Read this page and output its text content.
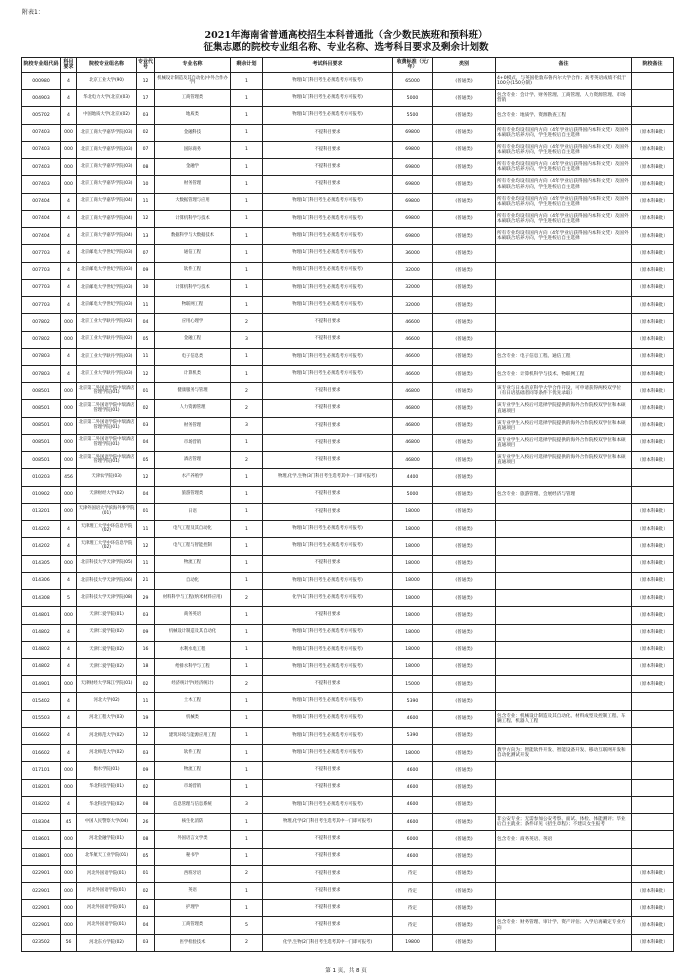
附表1：
2021年海南省普通高校招生本科普通批（含少数民族班和预科班）
征集志愿的院校专业组名称、专业名称、选考科目要求及剩余计划数
院校专业组代码	科目要求	院校专业组名称	专业代号	专业名称	剩余计划	考试科目要求	收费标准（元/年）	类别	备注	院校备注
000980	4	北京工业大学(90)	12	机械设计制造及其自动化(中外合作办学)	1	物理(1门科目考生必须选考方可报考)	65000	(普通类)	4+0模式，与英国伦敦布鲁内尔大学合作；高考英语成绩不低于100分(150分制)	
004903	4	华北电力大学(北京)(03)	17	工商管理类	1	物理(1门科目考生必须选考方可报考)	5000	(普通类)	包含专业：会计学、财务管理、工商管理、人力资源管理、市场营销	
005702	4	中国地质大学(北京)(02)	03	地质类	1	物理(1门科目考生必须选考方可报考)	5500	(普通类)	包含专业：地质学、资源勘查工程	
007403	000	北京工商大学嘉华学院(03)	02	金融科技	1	不提科目要求	69800	(普通类)	所有专业均设有国内方向（4年学业后获得国内本科文凭）及国外本硕联合培养方向，学生进校后自主选择	（原本科B批）
007403	000	北京工商大学嘉华学院(03)	07	国际商务	1	不提科目要求	69800	(普通类)	所有专业均设有国内方向（4年学业后获得国内本科文凭）及国外本硕联合培养方向，学生进校后自主选择	（原本科B批）
007403	000	北京工商大学嘉华学院(03)	08	金融学	1	不提科目要求	69800	(普通类)	所有专业均设有国内方向（4年学业后获得国内本科文凭）及国外本硕联合培养方向，学生进校后自主选择	（原本科B批）
007403	000	北京工商大学嘉华学院(03)	10	财务管理	1	不提科目要求	69800	(普通类)	所有专业均设有国内方向（4年学业后获得国内本科文凭）及国外本硕联合培养方向，学生进校后自主选择	（原本科B批）
007404	4	北京工商大学嘉华学院(04)	11	大数据管理与应用	1	物理(1门科目考生必须选考方可报考)	69800	(普通类)	所有专业均设有国内方向（4年学业后获得国内本科文凭）及国外本硕联合培养方向，学生进校后自主选择	（原本科B批）
007404	4	北京工商大学嘉华学院(04)	12	计算机科学与技术	1	物理(1门科目考生必须选考方可报考)	69800	(普通类)	所有专业均设有国内方向（4年学业后获得国内本科文凭）及国外本硕联合培养方向，学生进校后自主选择	（原本科B批）
007404	4	北京工商大学嘉华学院(04)	13	数据科学与大数据技术	1	物理(1门科目考生必须选考方可报考)	69800	(普通类)	所有专业均设有国内方向（4年学业后获得国内本科文凭）及国外本硕联合培养方向，学生进校后自主选择	（原本科B批）
007703	4	北京邮电大学世纪学院(03)	07	通信工程	1	物理(1门科目考生必须选考方可报考)	36000	(普通类)		（原本科B批）
007703	4	北京邮电大学世纪学院(03)	09	软件工程	1	物理(1门科目考生必须选考方可报考)	32000	(普通类)		（原本科B批）
007703	4	北京邮电大学世纪学院(03)	10	计算机科学与技术	1	物理(1门科目考生必须选考方可报考)	32000	(普通类)		（原本科B批）
007703	4	北京邮电大学世纪学院(03)	11	物联网工程	1	物理(1门科目考生必须选考方可报考)	32000	(普通类)		（原本科B批）
007802	000	北京工业大学耿丹学院(02)	04	应用心理学	2	不提科目要求	46600	(普通类)		（原本科B批）
007802	000	北京工业大学耿丹学院(02)	05	金融工程	3	不提科目要求	46600	(普通类)		（原本科B批）
007803	4	北京工业大学耿丹学院(03)	11	电子信息类	1	物理(1门科目考生必须选考方可报考)	46600	(普通类)	包含专业：电子信息工程、通信工程	（原本科B批）
007803	4	北京工业大学耿丹学院(03)	12	计算机类	1	物理(1门科目考生必须选考方可报考)	46600	(普通类)	包含专业：计算机科学与技术、物联网工程	（原本科B批）
008501	000	北京第二外国语学院中瑞酒店管理学院(01)	01	健康服务与管理	2	不提科目要求	46800	(普通类)	该专业与日本帝京科学大学合作开设，可申请获得两校双学位（有日语基础者同等条件下优先录取）	（原本科B批）
008501	000	北京第二外国语学院中瑞酒店管理学院(01)	02	人力资源管理	2	不提科目要求	46800	(普通类)	该专业学生入校后可选择学院提供的海外合作院校双学位和本硕直通项目	（原本科B批）
008501	000	北京第二外国语学院中瑞酒店管理学院(01)	03	财务管理	3	不提科目要求	46800	(普通类)	该专业学生入校后可选择学院提供的海外合作院校双学位和本硕直通项目	（原本科B批）
008501	000	北京第二外国语学院中瑞酒店管理学院(01)	04	市场营销	1	不提科目要求	46800	(普通类)	该专业学生入校后可选择学院提供的海外合作院校双学位和本硕直通项目	（原本科B批）
008501	000	北京第二外国语学院中瑞酒店管理学院(01)	05	酒店管理	2	不提科目要求	46800	(普通类)	该专业学生入校后可选择学院提供的海外合作院校双学位和本硕直通项目	（原本科B批）
010203	456	天津农学院(03)	12	水产养殖学	1	物理,化学,生物(3门科目考生选考其中一门即可报考)	4400	(普通类)		
010902	000	天津财经大学(02)	04	旅游管理类	1	不提科目要求	5000	(普通类)	包含专业：旅游管理、会展经济与管理	
013201	000	天津外国语大学滨海外事学院(01)	01	日语	1	不提科目要求	18000	(普通类)		（原本科B批）
014202	4	天津理工大学中环信息学院(02)	11	电气工程及其自动化	1	物理(1门科目考生必须选考方可报考)	18000	(普通类)		（原本科B批）
014202	4	天津理工大学中环信息学院(02)	12	电气工程与智能控制	1	物理(1门科目考生必须选考方可报考)	18000	(普通类)		（原本科B批）
014305	000	北京科技大学天津学院(05)	11	物流工程	1	不提科目要求	18000	(普通类)		（原本科B批）
014306	4	北京科技大学天津学院(06)	21	自动化	1	物理(1门科目考生必须选考方可报考)	18000	(普通类)		（原本科B批）
014308	5	北京科技大学天津学院(08)	29	材料科学与工程(纳米材料应用)	2	化学(1门科目考生必须选考方可报考)	18000	(普通类)		（原本科B批）
014801	000	天津仁爱学院(01)	03	商务英语	1	不提科目要求	18000	(普通类)		（原本科B批）
014802	4	天津仁爱学院(02)	09	机械设计制造及其自动化	1	物理(1门科目考生必须选考方可报考)	18000	(普通类)		（原本科B批）
014802	4	天津仁爱学院(02)	16	水利水电工程	1	物理(1门科目考生必须选考方可报考)	18000	(普通类)		（原本科B批）
014802	4	天津仁爱学院(02)	18	给排水科学与工程	1	物理(1门科目考生必须选考方可报考)	18000	(普通类)		（原本科B批）
014901	000	天津财经大学珠江学院(01)	02	经济统计学(经济统计)	2	不提科目要求	15000	(普通类)		（原本科B批）
015402	4	河北大学(02)	11	土木工程	1	物理(1门科目考生必须选考方可报考)	5390	(普通类)		
015503	4	河北工程大学(03)	19	机械类	1	物理(1门科目考生必须选考方可报考)	4600	(普通类)	包含专业：机械设计制造及其自动化、材料成型及控制工程、车辆工程、机器人工程	
016602	4	河北师范大学(02)	12	建筑环境与能源应用工程	1	物理(1门科目考生必须选考方可报考)	5390	(普通类)		
016602	4	河北师范大学(02)	03	软件工程	1	物理(1门科目考生必须选考方可报考)	18000	(普通类)	教学方向为：智能软件开发、智能设备开发、移动互联网开发和自动化测试开发	
017101	000	衡水学院(01)	09	物流工程	1	不提科目要求	4600	(普通类)		
018201	000	华北科技学院(01)	02	市场营销	1	不提科目要求	4600	(普通类)		
018202	4	华北科技学院(02)	08	信息管理与信息系统	3	物理(1门科目考生必须选考方可报考)	4600	(普通类)		
018304	45	中国人民警察大学(04)	26	核生化消防	1	物理,化学(2门科目考生选考其中一门即可报考)	4600	(普通类)	非公安专业；无需参加公安考察、面试、体检、体能测评；毕业后自主就业；条件详见《招生章程》；不建议女生报考	
018601	000	河北金融学院(01)	08	外国语言文学类	1	不提科目要求	6000	(普通类)	包含专业：商务英语、英语	
018801	000	北华航天工业学院(01)	05	秘书学	1	不提科目要求	4600	(普通类)		
022901	000	河北外国语学院(01)	01	西班牙语	2	不提科目要求	待定	(普通类)		（原本科B批）
022901	000	河北外国语学院(01)	02	英语	1	不提科目要求	待定	(普通类)		（原本科B批）
022901	000	河北外国语学院(01)	03	护理学	1	不提科目要求	待定	(普通类)		（原本科B批）
022901	000	河北外国语学院(01)	04	工商管理类	5	不提科目要求	待定	(普通类)	包含专业：财务管理、审计学、资产评估；入学后再确定专业方向	（原本科B批）
023502	56	河北东方学院(02)	03	医学检验技术	2	化学,生物(2门科目考生选考其中一门即可报考)	19800	(普通类)		（原本科B批）
第 1 页，共 8 页
